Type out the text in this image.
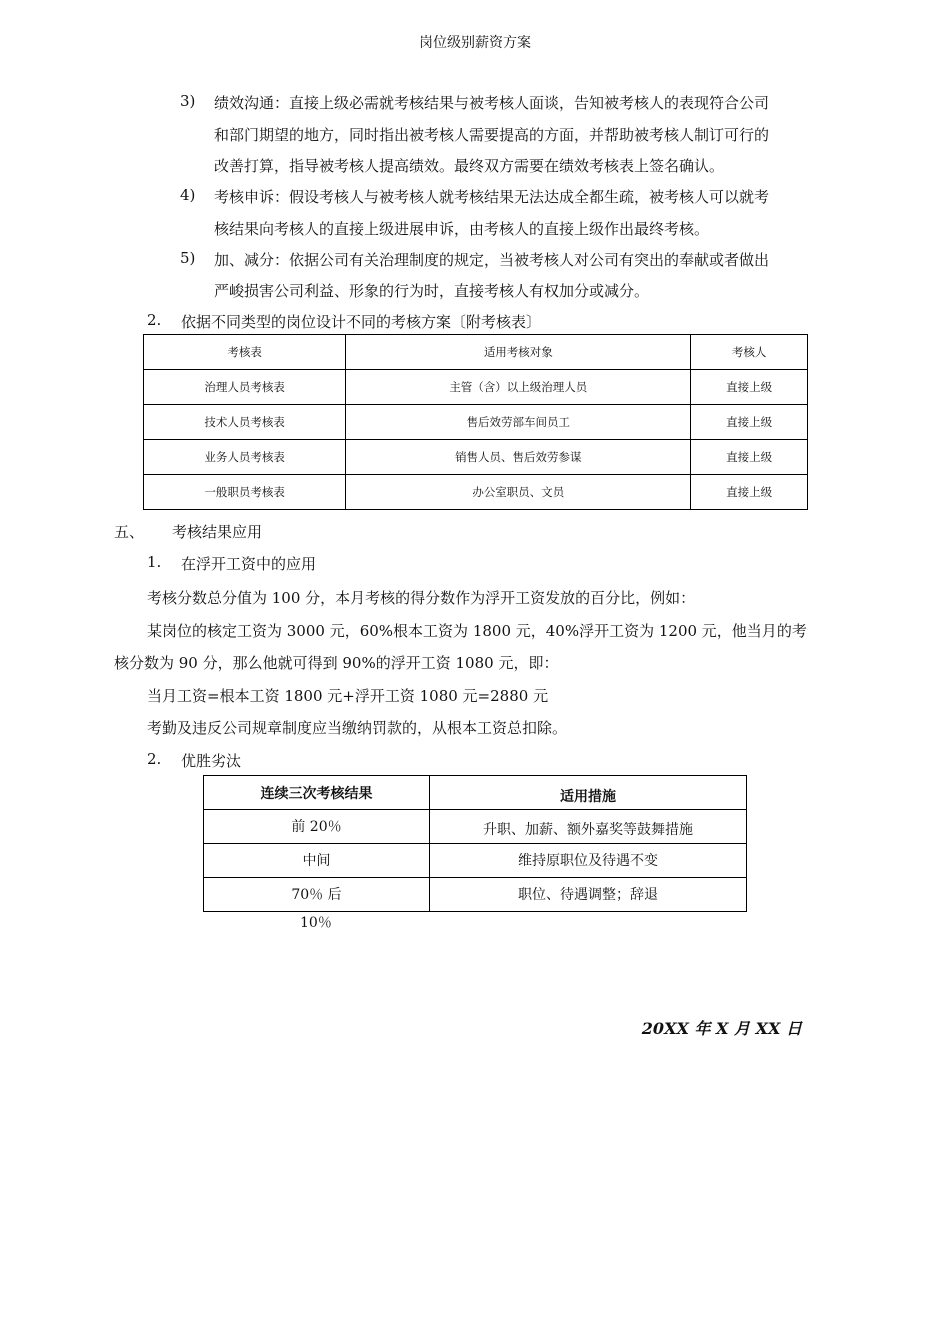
岗位级别薪资方案
3) 绩效沟通：直接上级必需就考核结果与被考核人面谈，告知被考核人的表现符合公司
和部门期望的地方，同时指出被考核人需要提高的方面，并帮助被考核人制订可行的
改善打算，指导被考核人提高绩效。最终双方需要在绩效考核表上签名确认。
4) 考核申诉：假设考核人与被考核人就考核结果无法达成全都生疏，被考核人可以就考
核结果向考核人的直接上级进展申诉，由考核人的直接上级作出最终考核。
5) 加、减分：依据公司有关治理制度的规定，当被考核人对公司有突出的奉献或者做出
严峻损害公司利益、形象的行为时，直接考核人有权加分或减分。
2. 依据不同类型的岗位设计不同的考核方案〔附考核表〕
考核表	适用考核对象	考核人
治理人员考核表	主管（含）以上级治理人员	直接上级
技术人员考核表	售后效劳部车间员工	直接上级
业务人员考核表	销售人员、售后效劳参谋	直接上级
一般职员考核表	办公室职员、文员	直接上级
五、 考核结果应用
1. 在浮开工资中的应用
考核分数总分值为 100 分，本月考核的得分数作为浮开工资发放的百分比，例如：
某岗位的核定工资为 3000 元，60%根本工资为 1800 元，40%浮开工资为 1200 元，他当月的考
核分数为 90 分，那么他就可得到 90%的浮开工资 1080 元，即：
当月工资=根本工资 1800 元+浮开工资 1080 元=2880 元
考勤及违反公司规章制度应当缴纳罚款的，从根本工资总扣除。
2. 优胜劣汰
连续三次考核结果	适用措施
前 20％	升职、加薪、额外嘉奖等鼓舞措施
中间	维持原职位及待遇不变
70％ 后	职位、待遇调整；辞退
10％
20XX 年 X 月 XX 日
